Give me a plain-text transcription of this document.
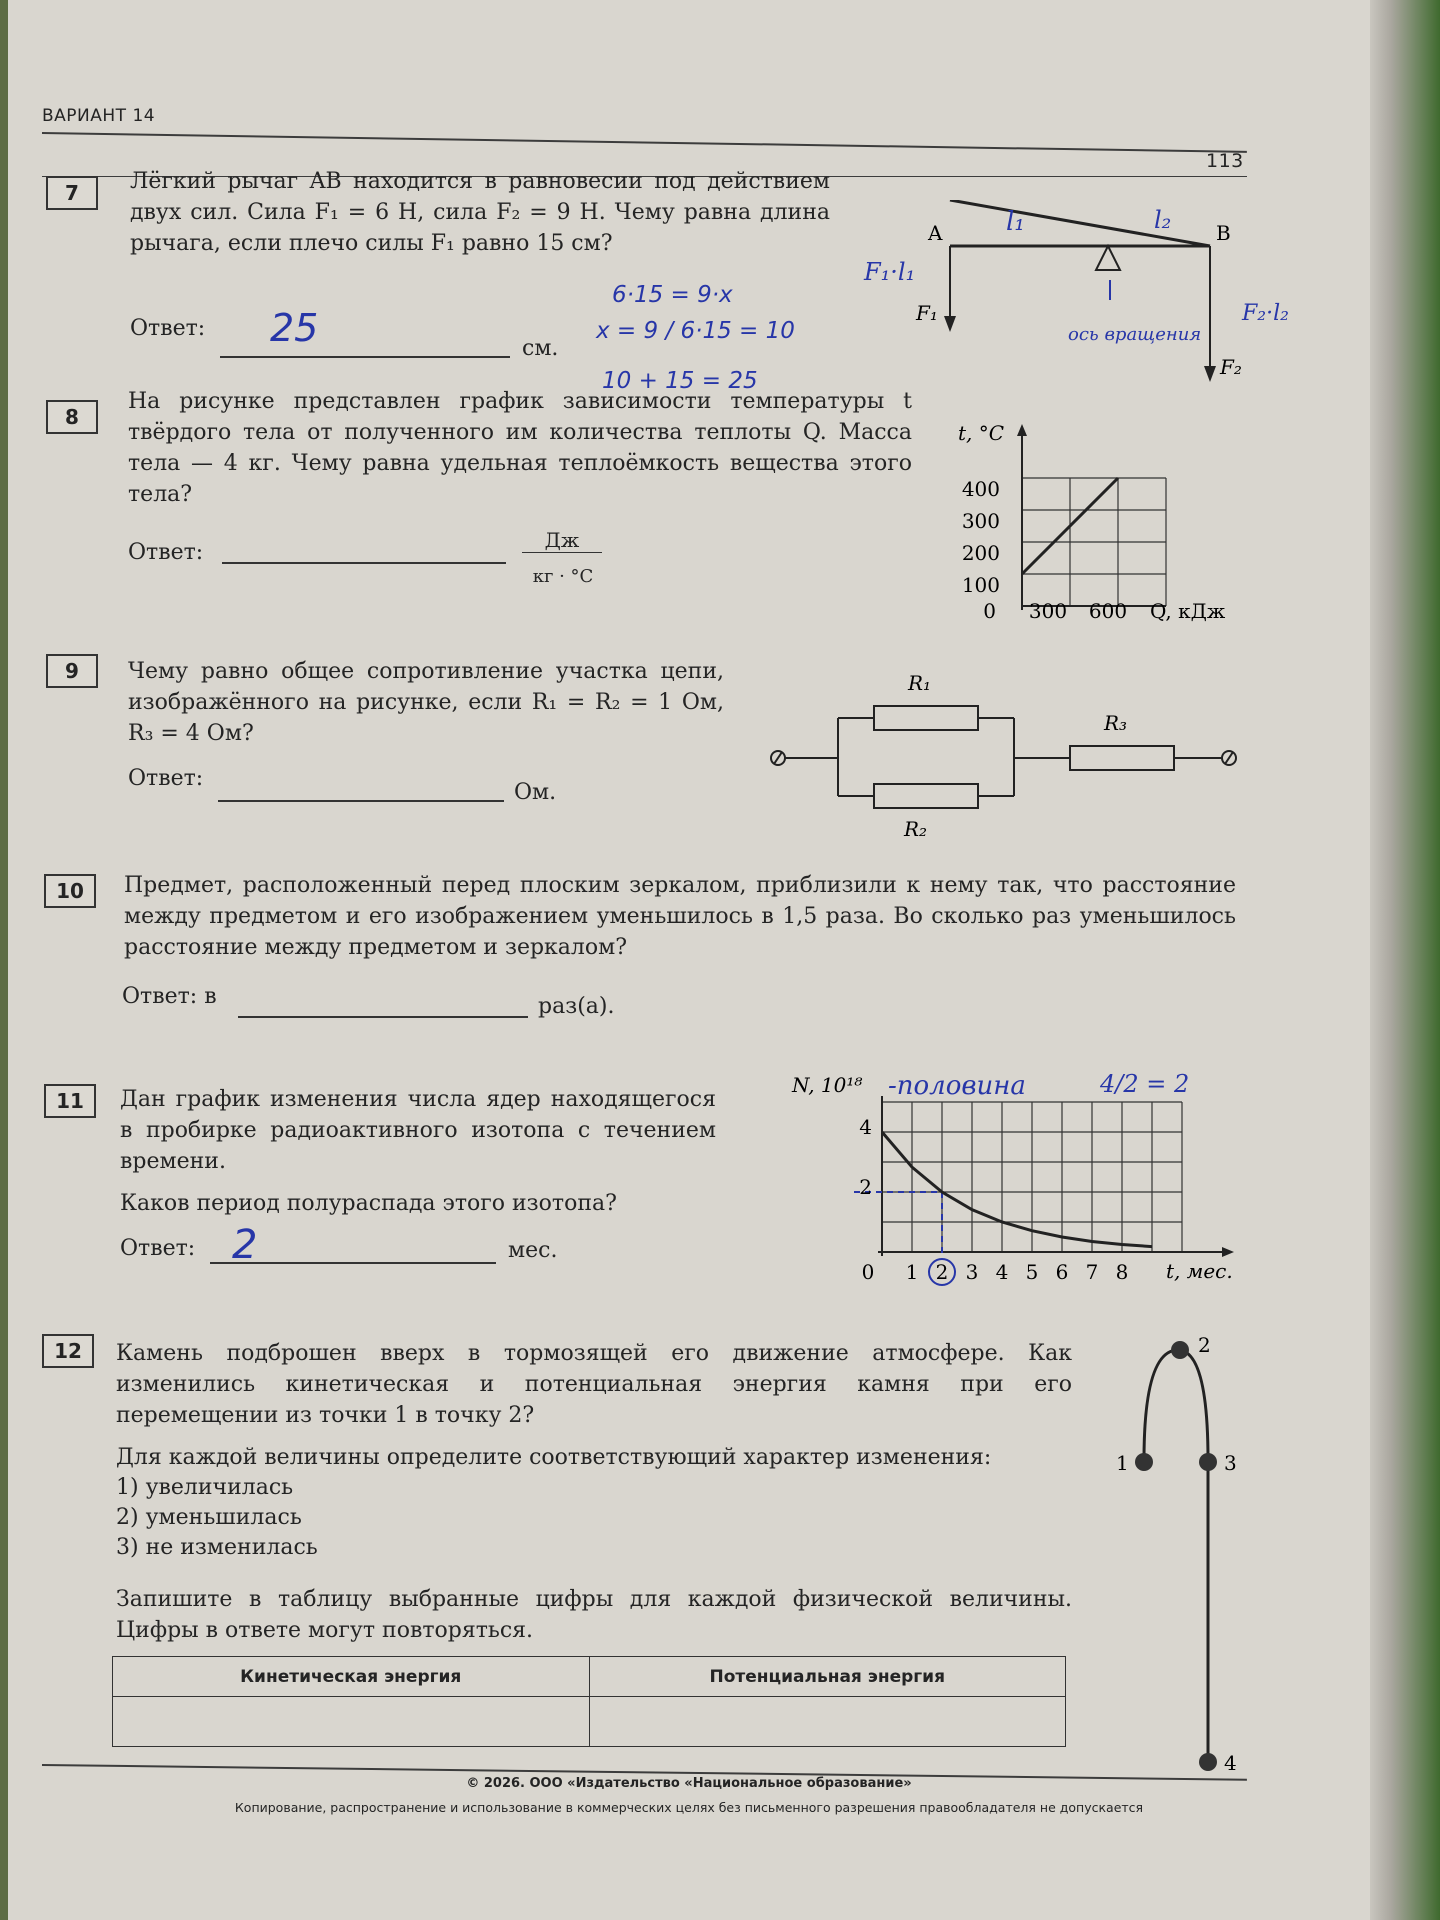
ВАРИАНТ 14
113
7	Лёгкий рычаг AB находится в равновесии под действием двух сил. Сила F₁ = 6 Н, сила F₂ = 9 Н. Чему равна длина рычага, если плечо силы F₁ равно 15 см?
Ответ: 25	см.
6·15 = 9·x
x = 9 / 6·15 = 10
10 + 15 = 25
A	B
F₁
F₂
l₁	l₂
F₁·l₁
F₂·l₂
ось вращения
8
На рисунке представлен график зависимости температуры t твёрдого тела от полученного им количества теплоты Q. Масса тела — 4 кг. Чему равна удельная теплоёмкость вещества этого тела?
Ответ:	Дж
кг · °С
t, °С
Q, кДж
400
300
200
100
0 300 600
9	Чему равно общее сопротивление участка цепи, изображённого на рисунке, если R₁ = R₂ = 1 Ом, R₃ = 4 Ом?
Ответ:
Ом.
R₁
R₂
R₃
10	Предмет, расположенный перед плоским зеркалом, приблизили к нему так, что расстояние между предметом и его изображением уменьшилось в 1,5 раза. Во сколько раз уменьшилось расстояние между предметом и зеркалом?
Ответ: в	раз(а).
11	Дан график изменения числа ядер находящегося в пробирке радиоактивного изотопа с течением времени.
Каков период полураспада этого изотопа?
Ответ: 2	мес.
N, 10¹⁸
t, мес.
0 1 2 3 4 5 6 7 8
4
2
-половина	4/2 = 2
12	Камень подброшен вверх в тормозящей его движение атмосфере. Как изменились кинетическая и потенциальная энергия камня при его перемещении из точки 1 в точку 2?
Для каждой величины определите соответствующий характер изменения:
1) увеличилась
2) уменьшилась
3) не изменилась
Запишите в таблицу выбранные цифры для каждой физической величины. Цифры в ответе могут повторяться.
Кинетическая энергия	Потенциальная энергия

1
2
3
4
© 2026. ООО «Издательство «Национальное образование»
Копирование, распространение и использование в коммерческих целях без письменного разрешения правообладателя не допускается
